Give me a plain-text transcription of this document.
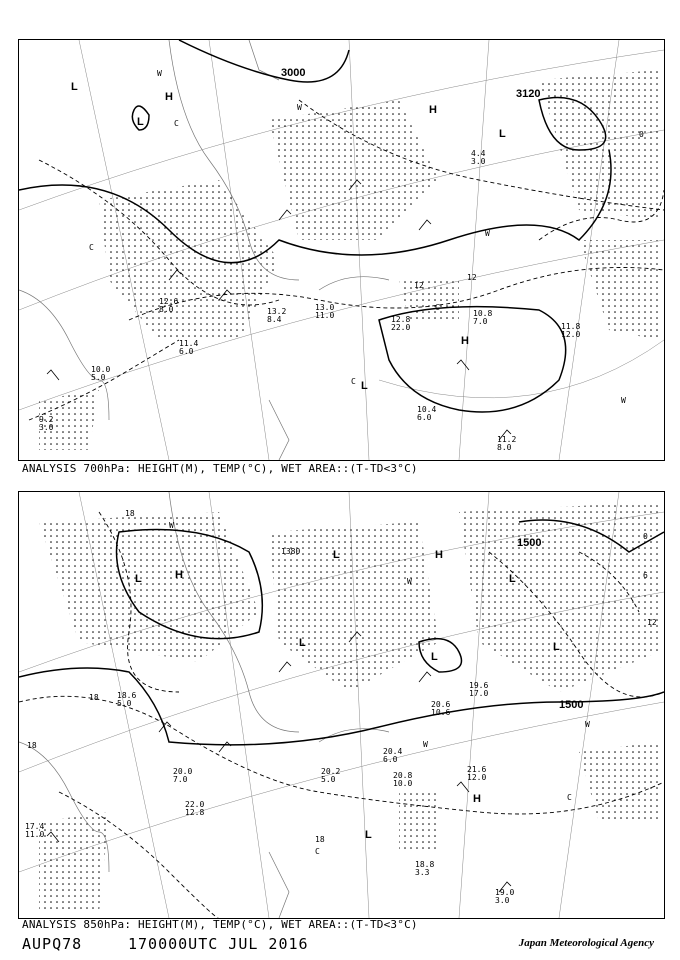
3000
3120
12
12
0
H
H
H
L
L
L
L
C
C
C
C
W
W
W
W
10.8
7.0
11.8
12.0
12.8
22.0
10.4
6.0
11.2
8.0
10.0
5.0
12.6
8.0
11.4
6.0
13.2
8.4
13.0
11.0
4.4
3.0
9.2
3.0
ANALYSIS 700hPa: HEIGHT(M), TEMP(°C), WET AREA::(T-TD<3°C)
1500
1500
1380
18
18
18
18
12
6
0
H
H
H
L
L
L
L
L
L
L
C
C
W
W
W
W
21.6
12.0
20.8
10.0
20.4
6.0
18.8
3.3
19.0
3.0
20.6
10.6
22.0
12.8
20.2
5.0
17.4
11.0
19.6
17.0
20.0
7.0
18.6
5.0
ANALYSIS 850hPa: HEIGHT(M), TEMP(°C), WET AREA::(T-TD<3°C)
AUPQ78	170000UTC JUL 2016	Japan Meteorological Agency
